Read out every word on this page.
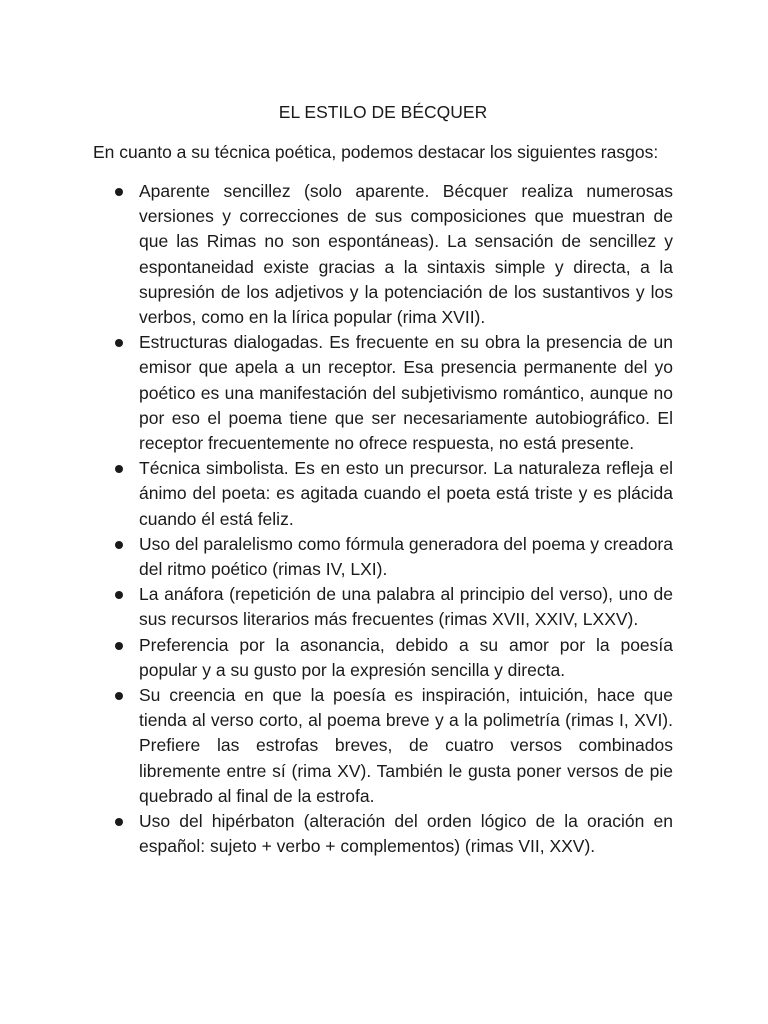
EL ESTILO DE BÉCQUER

En cuanto a su técnica poética, podemos destacar los siguientes rasgos:

Aparente sencillez (solo aparente. Bécquer realiza numerosas versiones y correcciones de sus composiciones que muestran de que las Rimas no son espontáneas). La sensación de sencillez y espontaneidad existe gracias a la sintaxis simple y directa, a la supresión de los adjetivos y la potenciación de los sustantivos y los verbos, como en la lírica popular (rima XVII).
Estructuras dialogadas. Es frecuente en su obra la presencia de un emisor que apela a un receptor. Esa presencia permanente del yo poético es una manifestación del subjetivismo romántico, aunque no por eso el poema tiene que ser necesariamente autobiográfico. El receptor frecuentemente no ofrece respuesta, no está presente.
Técnica simbolista. Es en esto un precursor. La naturaleza refleja el ánimo del poeta: es agitada cuando el poeta está triste y es plácida cuando él está feliz.
Uso del paralelismo como fórmula generadora del poema y creadora del ritmo poético (rimas IV, LXI).
La anáfora (repetición de una palabra al principio del verso), uno de sus recursos literarios más frecuentes (rimas XVII, XXIV, LXXV).
Preferencia por la asonancia, debido a su amor por la poesía popular y a su gusto por la expresión sencilla y directa.
Su creencia en que la poesía es inspiración, intuición, hace que tienda al verso corto, al poema breve y a la polimetría (rimas I, XVI). Prefiere las estrofas breves, de cuatro versos combinados libremente entre sí (rima XV). También le gusta poner versos de pie quebrado al final de la estrofa.
Uso del hipérbaton (alteración del orden lógico de la oración en español: sujeto + verbo + complementos) (rimas VII, XXV).
